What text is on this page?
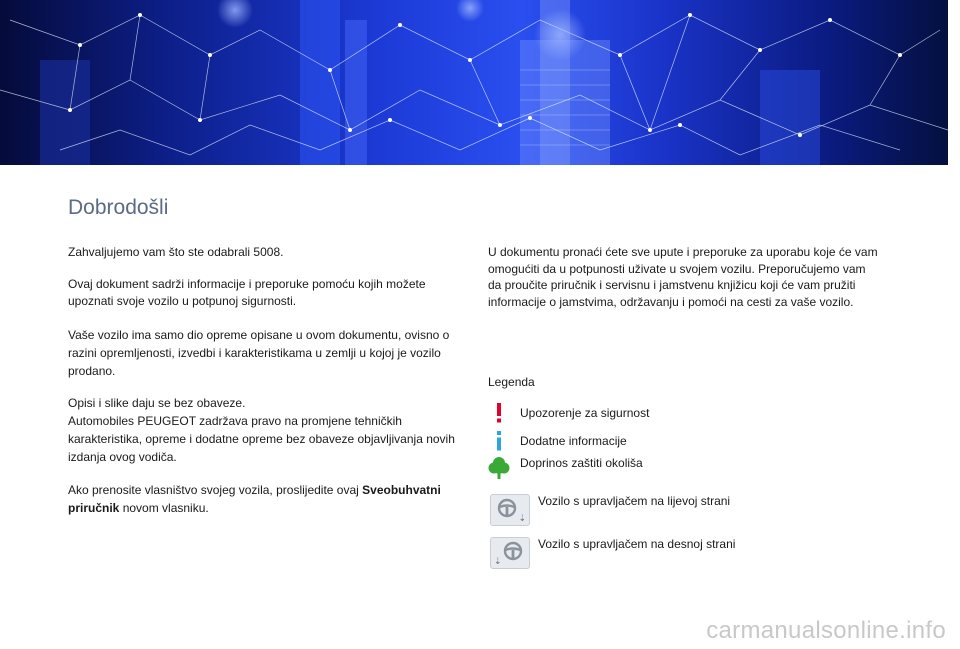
Dobrodošli

Zahvaljujemo vam što ste odabrali 5008.

Ovaj dokument sadrži informacije i preporuke pomoću kojih možete upoznati svoje vozilo u potpunoj sigurnosti.

Vaše vozilo ima samo dio opreme opisane u ovom dokumentu, ovisno o razini opremljenosti, izvedbi i karakteristikama u zemlji u kojoj je vozilo prodano.

Opisi i slike daju se bez obaveze.

Automobiles PEUGEOT zadržava pravo na promjene tehničkih karakteristika, opreme i dodatne opreme bez obaveze objavljivanja novih izdanja ovog vodiča.

Ako prenosite vlasništvo svojeg vozila, proslijedite ovaj Sveobuhvatni priručnik novom vlasniku.

U dokumentu pronaći ćete sve upute i preporuke za uporabu koje će vam omogućiti da u potpunosti uživate u svojem vozilu. Preporučujemo vam da proučite priručnik i servisnu i jamstvenu knjižicu koji će vam pružiti informacije o jamstvima, održavanju i pomoći na cesti za vaše vozilo.

Legenda
Upozorenje za sigurnost
Dodatne informacije
Doprinos zaštiti okoliša
⇣
Vozilo s upravljačem na lijevoj strani
⇣
Vozilo s upravljačem na desnoj strani
carmanualsonline.info
